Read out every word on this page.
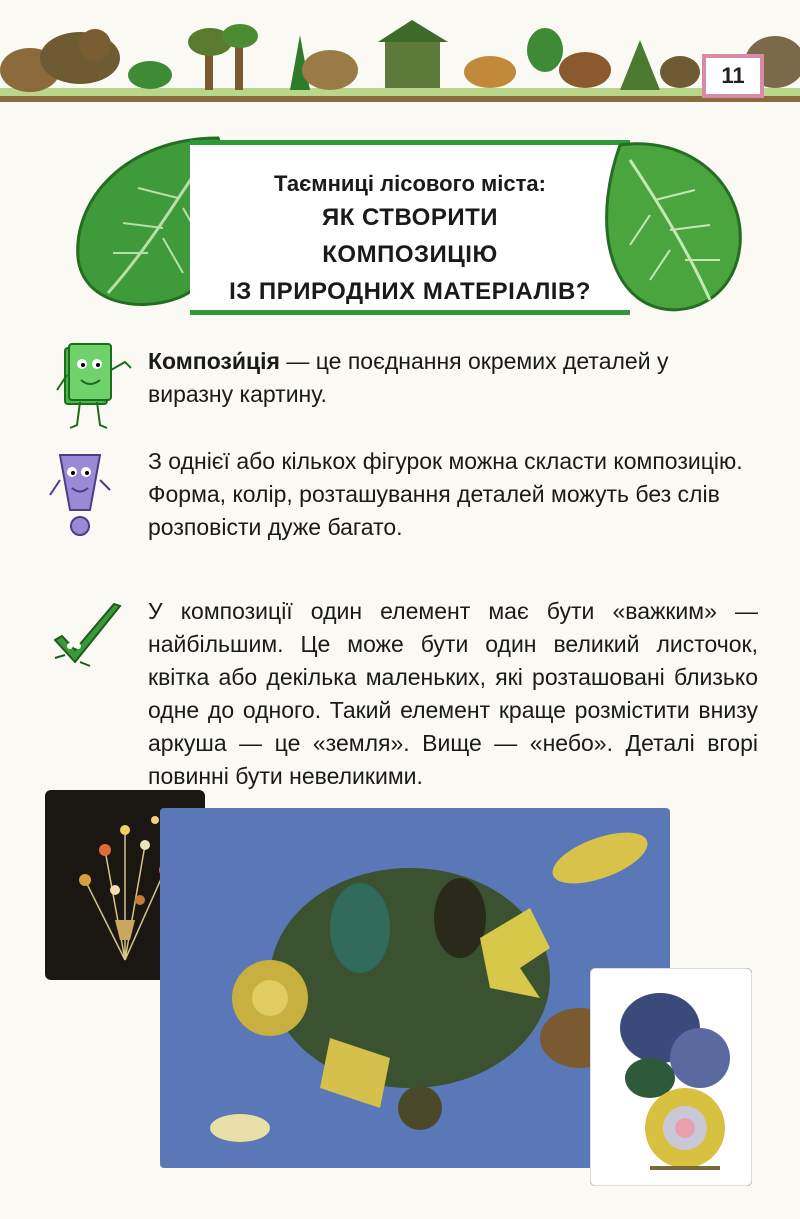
11
Таємниці лісового міста:
ЯК СТВОРИТИ
КОМПОЗИЦІЮ
ІЗ ПРИРОДНИХ МАТЕРІАЛІВ?
Компози́ція — це поєднання окремих деталей у виразну картину.
З однієї або кількох фігурок можна скласти композицію.
Форма, колір, розташування деталей можуть без слів розповісти дуже багато.
У композиції один елемент має бути «важким» — найбільшим. Це може бути один великий листочок, квітка або декілька маленьких, які розташовані близько одне до одного. Такий елемент краще розмістити внизу аркуша — це «земля». Вище — «небо». Деталі вгорі повинні бути невеликими.
